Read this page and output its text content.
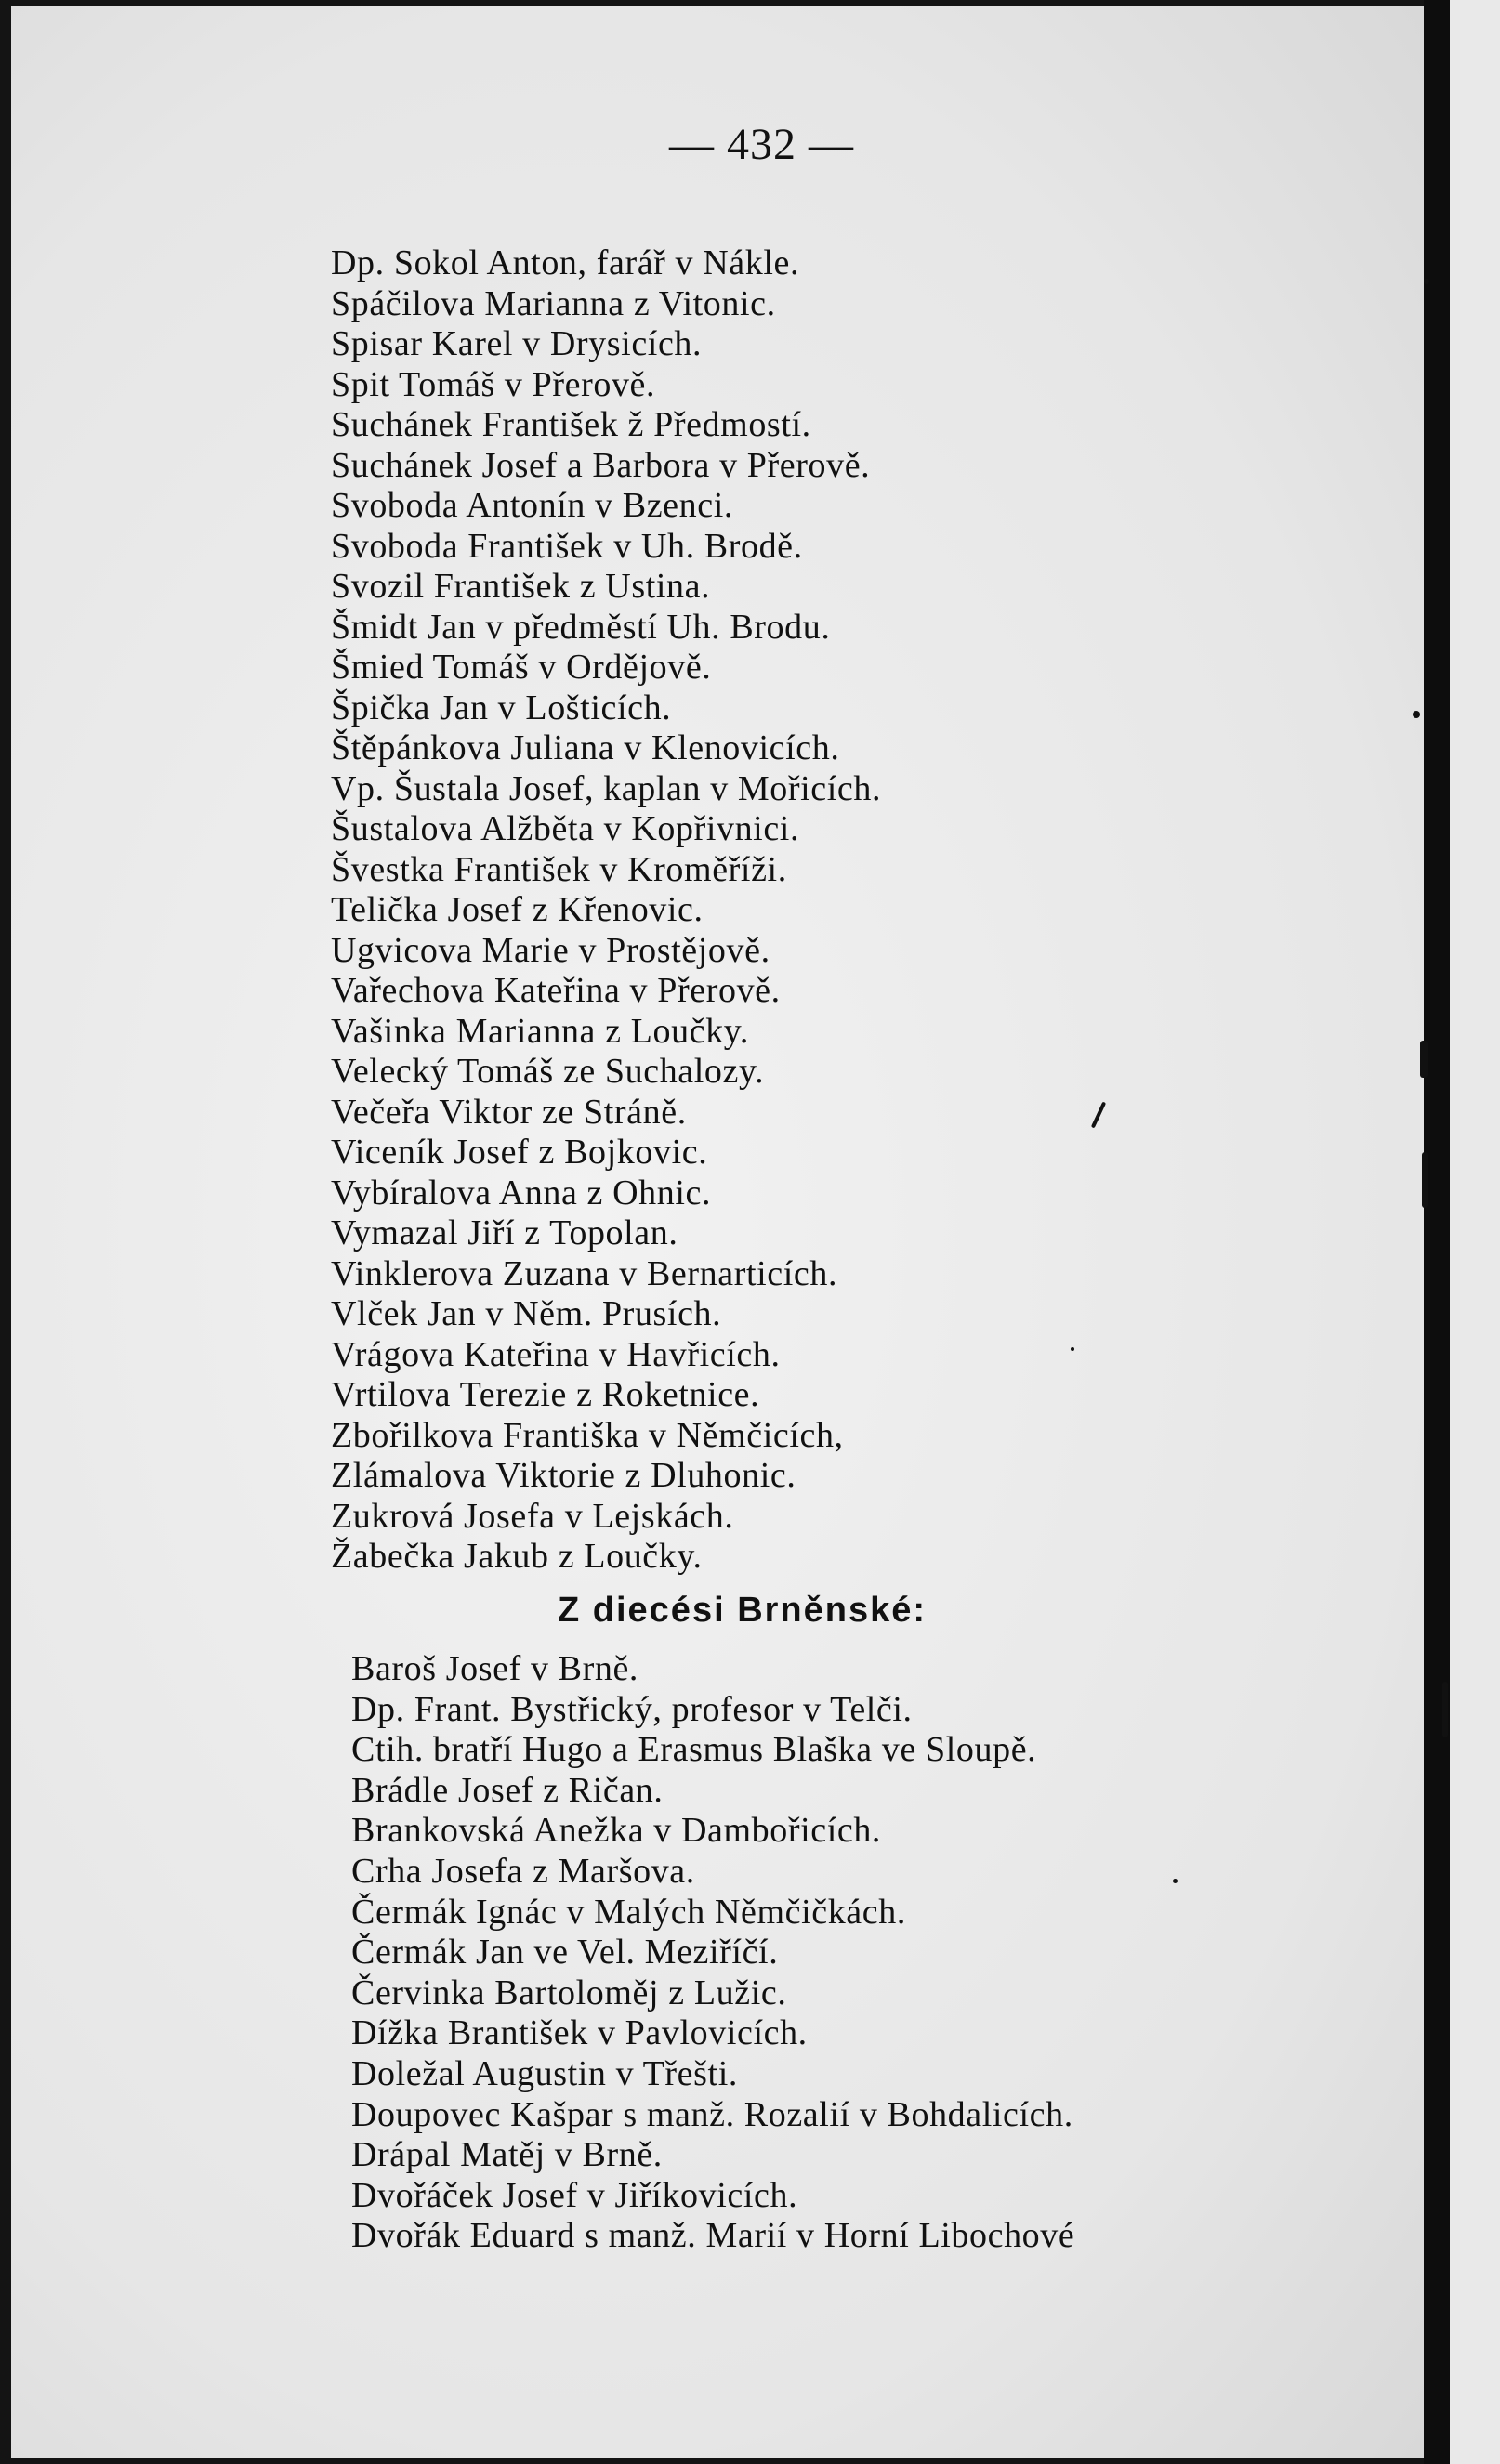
— 432 —
Dp. Sokol Anton, farář v Nákle.
Spáčilova Marianna z Vitonic.
Spisar Karel v Drysicích.
Spit Tomáš v Přerově.
Suchánek František ž Předmostí.
Suchánek Josef a Barbora v Přerově.
Svoboda Antonín v Bzenci.
Svoboda František v Uh. Brodě.
Svozil František z Ustina.
Šmidt Jan v předměstí Uh. Brodu.
Šmied Tomáš v Ordějově.
Špička Jan v Lošticích.
Štěpánkova Juliana v Klenovicích.
Vp. Šustala Josef, kaplan v Mořicích.
Šustalova Alžběta v Kopřivnici.
Švestka František v Kroměříži.
Telička Josef z Křenovic.
Ugvicova Marie v Prostějově.
Vařechova Kateřina v Přerově.
Vašinka Marianna z Loučky.
Velecký Tomáš ze Suchalozy.
Večeřa Viktor ze Stráně.
Viceník Josef z Bojkovic.
Vybíralova Anna z Ohnic.
Vymazal Jiří z Topolan.
Vinklerova Zuzana v Bernarticích.
Vlček Jan v Něm. Prusích.
Vrágova Kateřina v Havřicích.
Vrtilova Terezie z Roketnice.
Zbořilkova Františka v Němčicích,
Zlámalova Viktorie z Dluhonic.
Zukrová Josefa v Lejskách.
Žabečka Jakub z Loučky.
Z diecési Brněnské:
Baroš Josef v Brně.
Dp. Frant. Bystřický, profesor v Telči.
Ctih. bratří Hugo a Erasmus Blaška ve Sloupě.
Brádle Josef z Ričan.
Brankovská Anežka v Dambořicích.
Crha Josefa z Maršova.
Čermák Ignác v Malých Němčičkách.
Čermák Jan ve Vel. Meziříčí.
Červinka Bartoloměj z Lužic.
Dížka Brantišek v Pavlovicích.
Doležal Augustin v Třešti.
Doupovec Kašpar s manž. Rozalií v Bohdalicích.
Drápal Matěj v Brně.
Dvořáček Josef v Jiříkovicích.
Dvořák Eduard s manž. Marií v Horní Libochové
